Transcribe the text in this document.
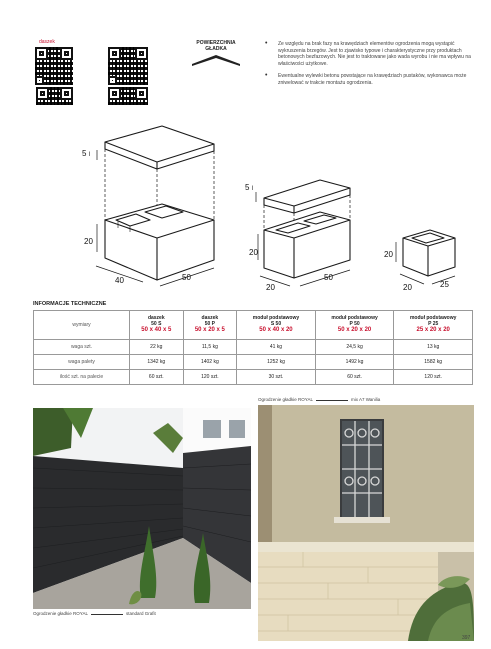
daszek	POWIERZCHNIA
GŁADKA
• Ze względu na brak fazy na krawędziach elementów ogrodzenia mogą wystąpić wykruszenia brzegów. Jest to zjawisko typowe i charakterystyczne przy produktach betonowych bezfazowych. Nie jest to traktowane jako wada wyrobu i nie ma wpływu na właściwości użytkowe.
• Ewentualne wylewki betonu powstające na krawędziach pustaków, wykonawca może zniwelować w trakcie montażu ogrodzenia.
5 l
20
40	50
5 l
20
20
50
20
20	25
INFORMACJE TECHNICZNE
wymiary	daszek
50 S
50 x 40 x 5	daszek
50 P
50 x 20 x 5	moduł podstawowy
S 50
50 x 40 x 20	moduł podstawowy
P 50
50 x 20 x 20	moduł podstawowy
P 25
25 x 20 x 20

waga szt.	22 kg	11,5 kg	41 kg	24,5 kg	13 kg
waga palety	1342 kg	1402 kg	1252 kg	1492 kg	1582 kg
ilość szt. na palecie	60 szt.	120 szt.	30 szt.	60 szt.	120 szt.
Ogrodzenie gładkie ROYAL	standard Grafit
Ogrodzenie gładkie ROYAL	mix A7 Wanilia
397
